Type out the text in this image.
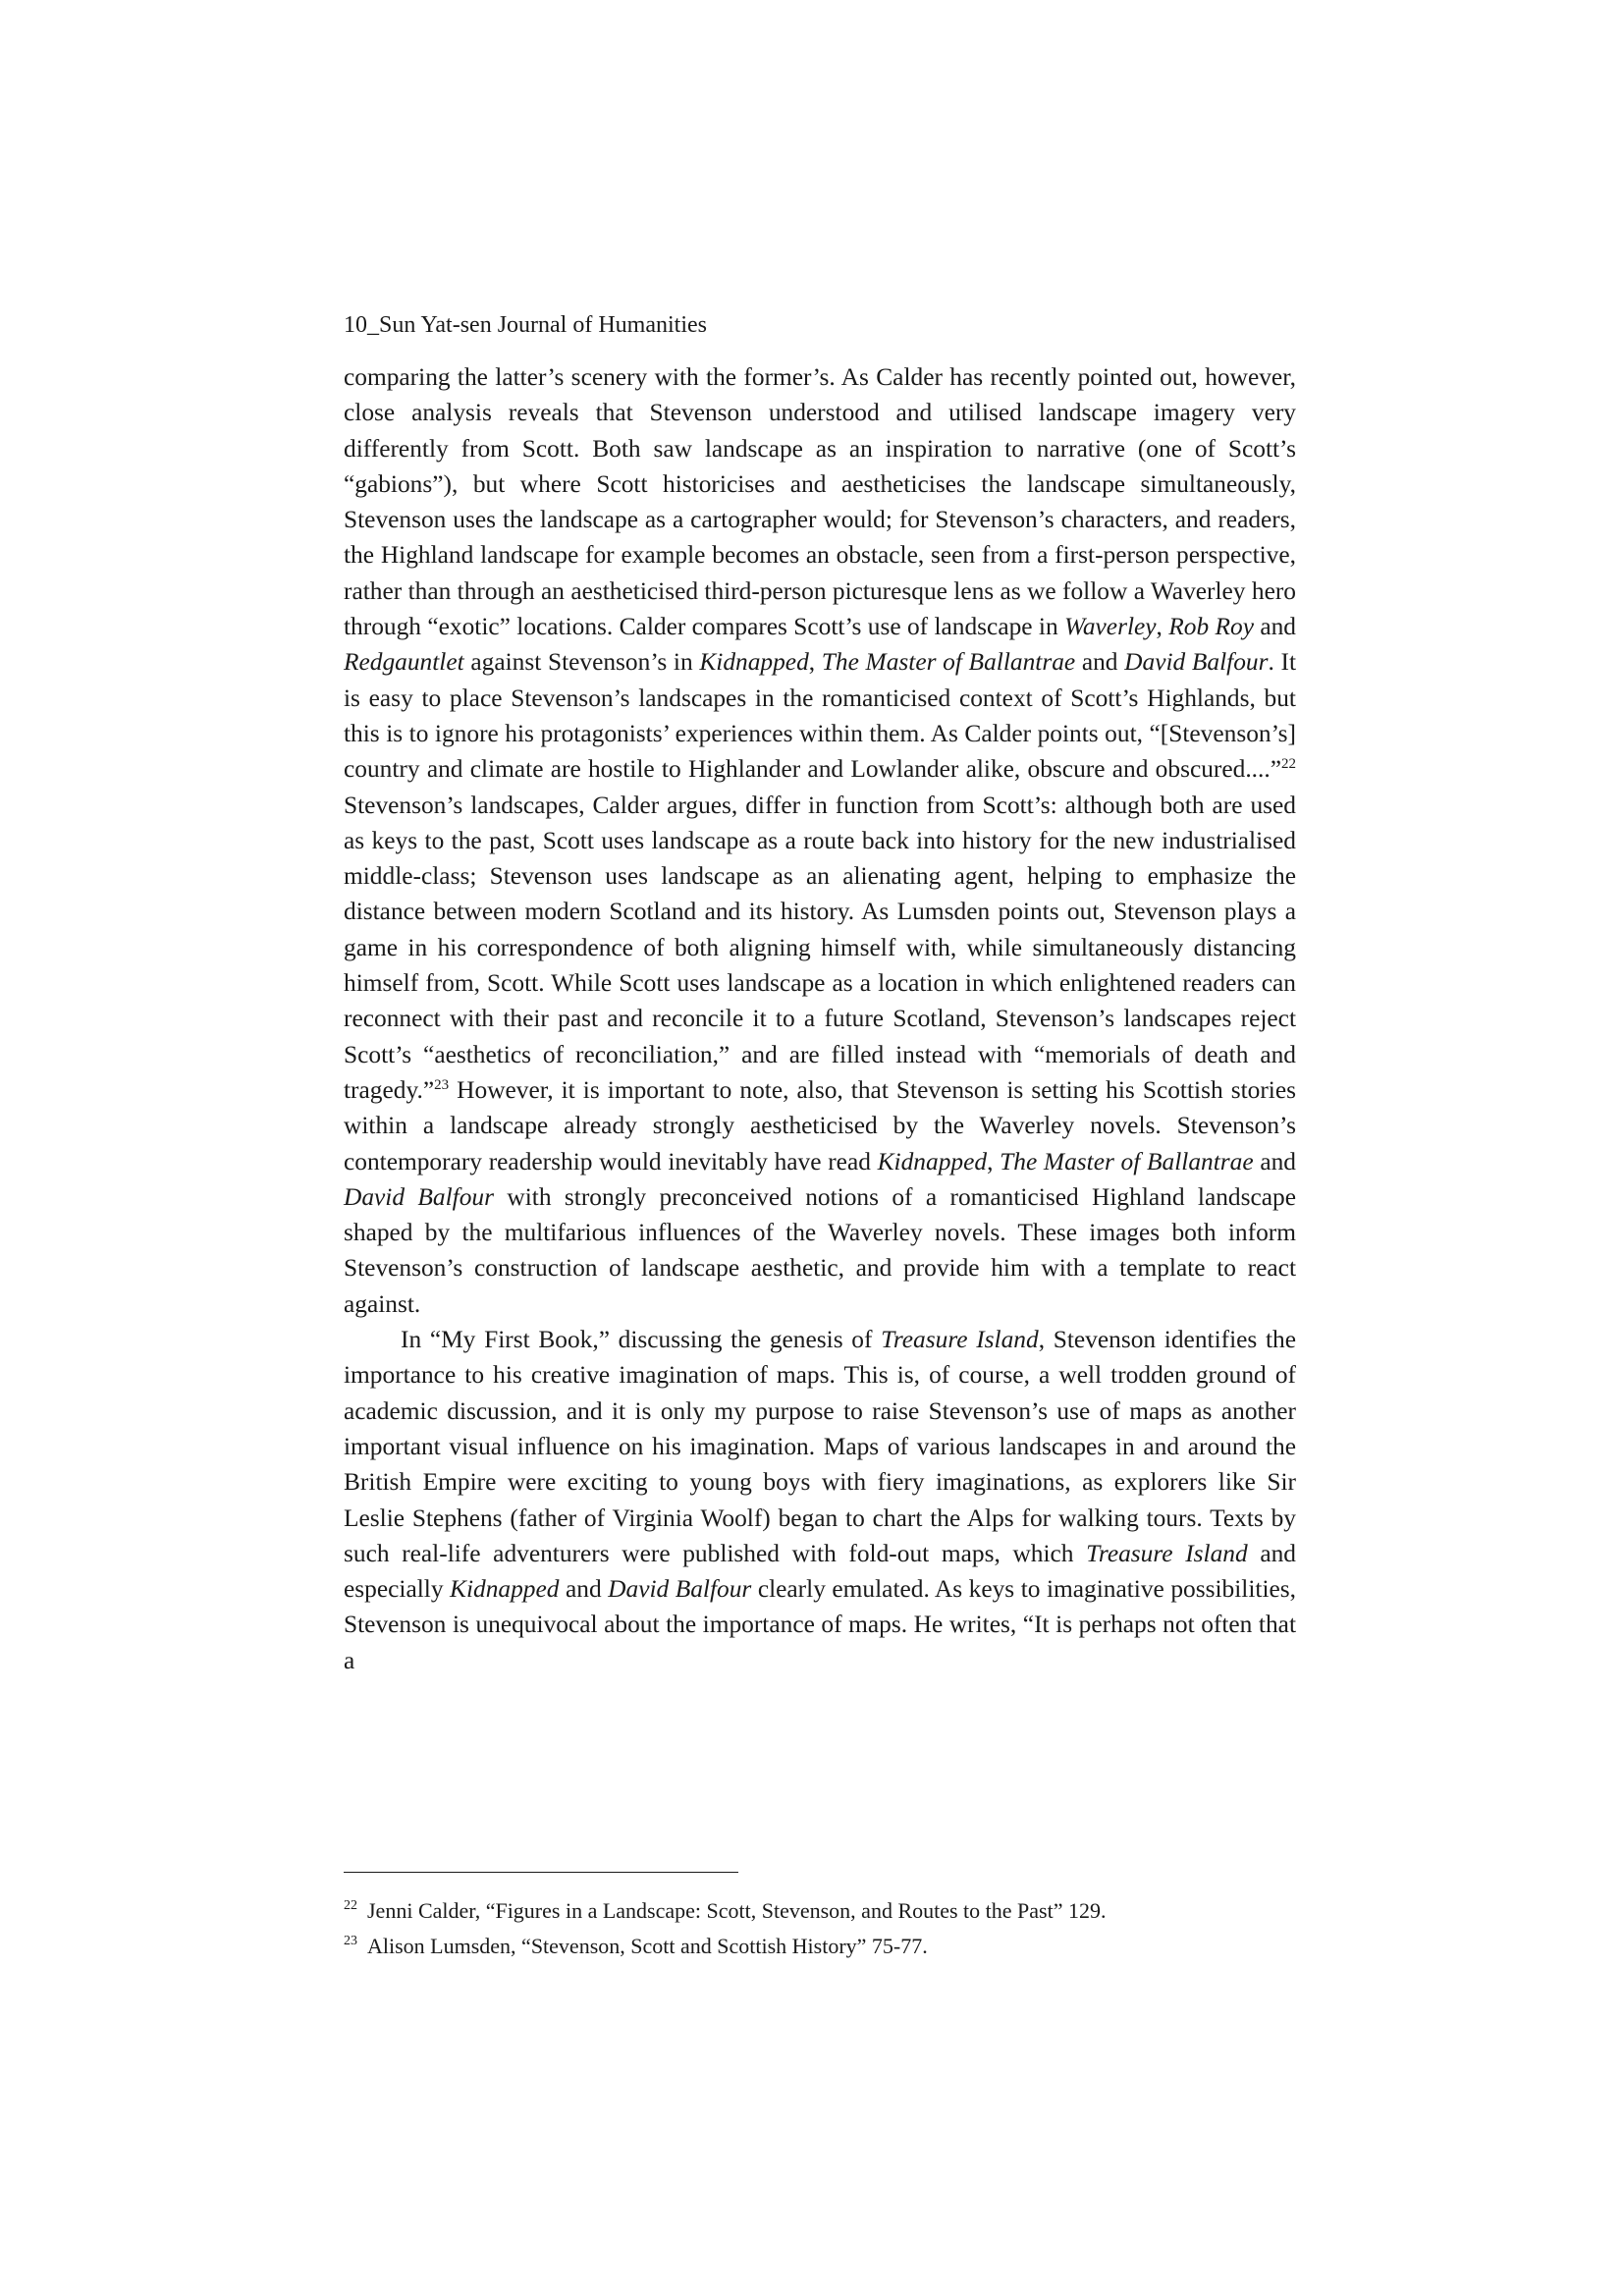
10_Sun Yat-sen Journal of Humanities

comparing the latter’s scenery with the former’s. As Calder has recently pointed out, however, close analysis reveals that Stevenson understood and utilised landscape imagery very differently from Scott. Both saw landscape as an inspiration to narrative (one of Scott’s “gabions”), but where Scott historicises and aestheticises the landscape simultaneously, Stevenson uses the landscape as a cartographer would; for Stevenson’s characters, and readers, the Highland landscape for example becomes an obstacle, seen from a first-person perspective, rather than through an aestheticised third-person picturesque lens as we follow a Waverley hero through “exotic” locations. Calder compares Scott’s use of landscape in Waverley, Rob Roy and Redgauntlet against Stevenson’s in Kidnapped, The Master of Ballantrae and David Balfour. It is easy to place Stevenson’s landscapes in the romanticised context of Scott’s Highlands, but this is to ignore his protagonists’ experiences within them. As Calder points out, “[Stevenson’s] country and climate are hostile to Highlander and Lowlander alike, obscure and obscured....”$^{22}$ Stevenson’s landscapes, Calder argues, differ in function from Scott’s: although both are used as keys to the past, Scott uses landscape as a route back into history for the new industrialised middle-class; Stevenson uses landscape as an alienating agent, helping to emphasize the distance between modern Scotland and its history. As Lumsden points out, Stevenson plays a game in his correspondence of both aligning himself with, while simultaneously distancing himself from, Scott. While Scott uses landscape as a location in which enlightened readers can reconnect with their past and reconcile it to a future Scotland, Stevenson’s landscapes reject Scott’s “aesthetics of reconciliation,” and are filled instead with “memorials of death and tragedy.”$^{23}$ However, it is important to note, also, that Stevenson is setting his Scottish stories within a landscape already strongly aestheticised by the Waverley novels. Stevenson’s contemporary readership would inevitably have read Kidnapped, The Master of Ballantrae and David Balfour with strongly preconceived notions of a romanticised Highland landscape shaped by the multifarious influences of the Waverley novels. These images both inform Stevenson’s construction of landscape aesthetic, and provide him with a template to react against.

In “My First Book,” discussing the genesis of Treasure Island, Stevenson identifies the importance to his creative imagination of maps. This is, of course, a well trodden ground of academic discussion, and it is only my purpose to raise Stevenson’s use of maps as another important visual influence on his imagination. Maps of various landscapes in and around the British Empire were exciting to young boys with fiery imaginations, as explorers like Sir Leslie Stephens (father of Virginia Woolf) began to chart the Alps for walking tours. Texts by such real-life adventurers were published with fold-out maps, which Treasure Island and especially Kidnapped and David Balfour clearly emulated. As keys to imaginative possibilities, Stevenson is unequivocal about the importance of maps. He writes, “It is perhaps not often that a

$^{22}$ Jenni Calder, “Figures in a Landscape: Scott, Stevenson, and Routes to the Past” 129.
$^{23}$ Alison Lumsden, “Stevenson, Scott and Scottish History” 75-77.
